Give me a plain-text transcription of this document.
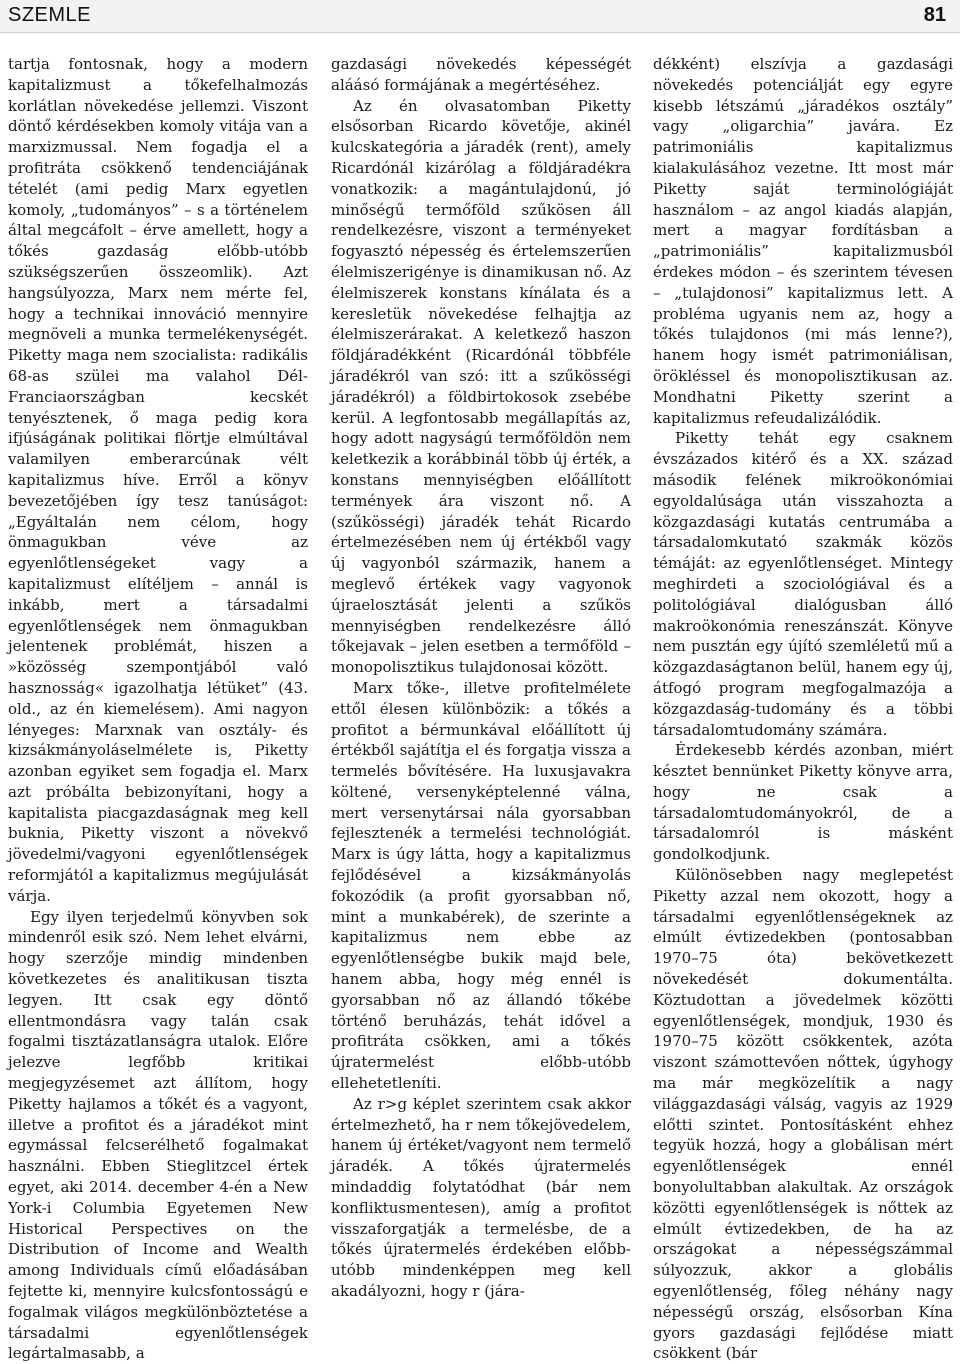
SZEMLE	81

tartja fontosnak, hogy a modern kapitalizmust a tőkefelhalmozás korlátlan növekedése jellemzi. Viszont döntő kérdésekben komoly vitája van a marxizmussal. Nem fogadja el a profitráta csökkenő tendenciájának tételét (ami pedig Marx egyetlen komoly, „tudományos” – s a történelem által megcáfolt – érve amellett, hogy a tőkés gazdaság előbb-utóbb szükségszerűen összeomlik). Azt hangsúlyozza, Marx nem mérte fel, hogy a technikai innováció mennyire megnöveli a munka termelékenységét. Piketty maga nem szocialista: radikális 68-as szülei ma valahol Dél-Franciaországban kecskét tenyésztenek, ő maga pedig kora ifjúságának politikai flörtje elmúltával valamilyen emberarcúnak vélt kapitalizmus híve. Erről a könyv bevezetőjében így tesz tanúságot: „Egyáltalán nem célom, hogy önmagukban véve az egyenlőtlenségeket vagy a kapitalizmust elítéljem – annál is inkább, mert a társadalmi egyenlőtlenségek nem önmagukban jelentenek problémát, hiszen a »közösség szempontjából való hasznosság« igazolhatja létüket” (43. old., az én kiemelésem). Ami nagyon lényeges: Marxnak van osztály- és kizsákmányoláselmélete is, Piketty azonban egyiket sem fogadja el. Marx azt próbálta bebizonyítani, hogy a kapitalista piacgazdaságnak meg kell buknia, Piketty viszont a növekvő jövedelmi/vagyoni egyenlőtlenségek reformjától a kapitalizmus megújulását várja.

Egy ilyen terjedelmű könyvben sok mindenről esik szó. Nem lehet elvárni, hogy szerzője mindig mindenben következetes és analitikusan tiszta legyen. Itt csak egy döntő ellentmondásra vagy talán csak fogalmi tisztázatlanságra utalok. Előre jelezve legfőbb kritikai megjegyzésemet azt állítom, hogy Piketty hajlamos a tőkét és a vagyont, illetve a profitot és a járadékot mint egymással felcserélhető fogalmakat használni. Ebben Stieglitzcel értek egyet, aki 2014. december 4-én a New York-i Columbia Egyetemen New Historical Perspectives on the Distribution of Income and Wealth among Individuals című előadásában fejtette ki, mennyire kulcsfontosságú e fogalmak világos megkülönböztetése a társadalmi egyenlőtlenségek legártalmasabb, a

gazdasági növekedés képességét aláásó formájának a megértéséhez.

Az én olvasatomban Piketty elsősorban Ricardo követője, akinél kulcskategória a járadék (rent), amely Ricardónál kizárólag a földjáradékra vonatkozik: a magántulajdonú, jó minőségű termőföld szűkösen áll rendelkezésre, viszont a terményeket fogyasztó népesség és értelemszerűen élelmiszerigénye is dinamikusan nő. Az élelmiszerek konstans kínálata és a keresletük növekedése felhajtja az élelmiszerárakat. A keletkező haszon földjáradékként (Ricardónál többféle járadékról van szó: itt a szűkösségi járadékról) a földbirtokosok zsebébe kerül. A legfontosabb megállapítás az, hogy adott nagyságú termőföldön nem keletkezik a korábbinál több új érték, a konstans mennyiségben előállított termények ára viszont nő. A (szűkösségi) járadék tehát Ricardo értelmezésében nem új értékből vagy új vagyonból származik, hanem a meglevő értékek vagy vagyonok újraelosztását jelenti a szűkös mennyiségben rendelkezésre álló tőkejavak – jelen esetben a termőföld – monopolisztikus tulajdonosai között.

Marx tőke-, illetve profitelmélete ettől élesen különbözik: a tőkés a profitot a bérmunkával előállított új értékből sajátítja el és forgatja vissza a termelés bővítésére. Ha luxusjavakra költené, versenyképtelenné válna, mert versenytársai nála gyorsabban fejlesztenék a termelési technológiát. Marx is úgy látta, hogy a kapitalizmus fejlődésével a kizsákmányolás fokozódik (a profit gyorsabban nő, mint a munkabérek), de szerinte a kapitalizmus nem ebbe az egyenlőtlenségbe bukik majd bele, hanem abba, hogy még ennél is gyorsabban nő az állandó tőkébe történő beruházás, tehát idővel a profitráta csökken, ami a tőkés újratermelést előbb-utóbb ellehetetleníti.

Az r>g képlet szerintem csak akkor értelmezhető, ha r nem tőkejövedelem, hanem új értéket/vagyont nem termelő járadék. A tőkés újratermelés mindaddig folytatódhat (bár nem konfliktusmentesen), amíg a profitot visszaforgatják a termelésbe, de a tőkés újratermelés érdekében előbb-utóbb mindenképpen meg kell akadályozni, hogy r (jára-

dékként) elszívja a gazdasági növekedés potenciálját egy egyre kisebb létszámú „járadékos osztály” vagy „oligarchia” javára. Ez patrimoniális kapitalizmus kialakulásához vezetne. Itt most már Piketty saját terminológiáját használom – az angol kiadás alapján, mert a magyar fordításban a „patrimoniális” kapitalizmusból érdekes módon – és szerintem tévesen – „tulajdonosi” kapitalizmus lett. A probléma ugyanis nem az, hogy a tőkés tulajdonos (mi más lenne?), hanem hogy ismét patrimoniálisan, örökléssel és monopolisztikusan az. Mondhatni Piketty szerint a kapitalizmus refeudalizálódik.

Piketty tehát egy csaknem évszázados kitérő és a XX. század második felének mikroökonómiai egyoldalúsága után visszahozta a közgazdasági kutatás centrumába a társadalomkutató szakmák közös témáját: az egyenlőtlenséget. Mintegy meghirdeti a szociológiával és a politológiával dialógusban álló makroökonómia reneszánszát. Könyve nem pusztán egy újító szemléletű mű a közgazdaságtanon belül, hanem egy új, átfogó program megfogalmazója a közgazdaság-tudomány és a többi társadalomtudomány számára.

Érdekesebb kérdés azonban, miért késztet bennünket Piketty könyve arra, hogy ne csak a társadalomtudományokról, de a társadalomról is másként gondolkodjunk.

Különösebben nagy meglepetést Piketty azzal nem okozott, hogy a társadalmi egyenlőtlenségeknek az elmúlt évtizedekben (pontosabban 1970–75 óta) bekövetkezett növekedését dokumentálta. Köztudottan a jövedelmek közötti egyenlőtlenségek, mondjuk, 1930 és 1970–75 között csökkentek, azóta viszont számottevően nőttek, úgyhogy ma már megközelítik a nagy világgazdasági válság, vagyis az 1929 előtti szintet. Pontosításként ehhez tegyük hozzá, hogy a globálisan mért egyenlőtlenségek ennél bonyolultabban alakultak. Az országok közötti egyenlőtlenségek is nőttek az elmúlt évtizedekben, de ha az országokat a népességszámmal súlyozzuk, akkor a globális egyenlőtlenség, főleg néhány nagy népességű ország, elsősorban Kína gyors gazdasági fejlődése miatt csökkent (bár
